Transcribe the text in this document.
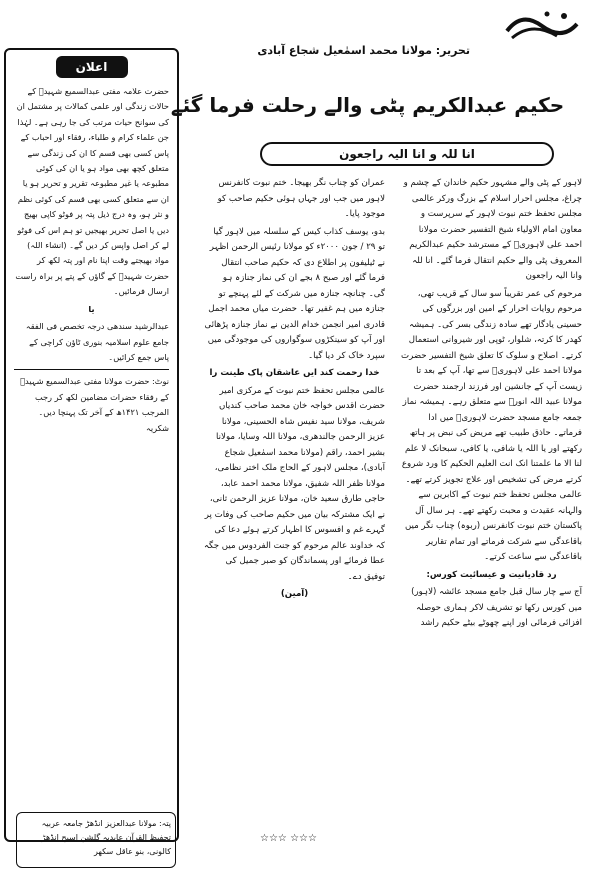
تحریر: مولانا محمد اسمٰعیل شجاع آبادی
حکیم عبدالکریم پٹی والے رحلت فرما گئے
انا للہ و انا الیہ راجعون

لاہور کے پٹی والے مشہور حکیم خاندان کے چشم و چراغ، مجلس احرار اسلام کے بزرگ ورکر عالمی مجلس تحفظ ختم نبوت لاہور کے سرپرست و معاون امام الاولیاء شیخ التفسیر حضرت مولانا احمد علی لاہوریؒ کے مسترشد حکیم عبدالکریم المعروف پٹی والے حکیم انتقال فرما گئے۔ انا للہ وانا الیہ راجعون

مرحوم کی عمر تقریباً سو سال کے قریب تھی، مرحوم روایات احرار کے امین اور بزرگوں کی حسینی یادگار تھے سادہ زندگی بسر کی۔ ہمیشہ کھدر کا کرتہ، شلوار، ٹوپی اور شیروانی استعمال کرتے۔ اصلاح و سلوک کا تعلق شیخ التفسیر حضرت مولانا احمد علی لاہوریؒ سے تھا، آپ کے بعد تا زیست آپ کے جانشین اور فرزند ارجمند حضرت مولانا عبید اللہ انورؒ سے متعلق رہے۔ ہمیشہ نماز جمعہ جامع مسجد حضرت لاہوریؒ میں ادا فرماتے۔ حاذق طبیب تھے مریض کی نبض پر ہاتھ رکھتے اور یا اللہ یا شافی، یا کافی، سبحانک لا علم لنا الا ما علمتنا انک انت العلیم الحکیم کا ورد شروع کرتے مرض کی تشخیص اور علاج تجویز کرتے تھے۔ عالمی مجلس تحفظ ختم نبوت کے اکابرین سے والہانہ عقیدت و محبت رکھتے تھے۔ ہر سال آل پاکستان ختم نبوت کانفرنس (ربوہ) چناب نگر میں باقاعدگی سے شرکت فرماتے اور تمام تقاریر باقاعدگی سے ساعت کرتے۔

رد قادیانیت و عیسائیت کورس:

آج سے چار سال قبل جامع مسجد عائشہ (لاہور) میں کورس رکھا تو تشریف لاکر ہماری حوصلہ افزائی فرمائی اور اپنے چھوٹے بیٹے حکیم راشد

عمران کو چناب نگر بھیجا۔ ختم نبوت کانفرنس لاہور میں جب اور جہاں ہوئی حکیم صاحب کو موجود پایا۔

بدو، یوسف کذاب کیس کے سلسلہ میں لاہور گیا تو ۲۹ / جون ۲۰۰۰ء کو مولانا رئیس الرحمن اظہر نے ٹیلیفون پر اطلاع دی کہ حکیم صاحب انتقال فرما گئے اور صبح ۸ بجے ان کی نماز جنازہ ہو گی۔ چنانچہ جنازہ میں شرکت کے لئے پہنچے تو جنازہ میں ہم غفیر تھا۔ حضرت میاں محمد اجمل قادری امیر انجمن خدام الدین نے نماز جنازہ پڑھائی اور آپ کو سینکڑوں سوگواروں کی موجودگی میں سپرد خاک کر دیا گیا۔

خدا رحمت کند ایں عاشقان پاک طینت را

عالمی مجلس تحفظ ختم نبوت کے مرکزی امیر حضرت اقدس خواجہ خان محمد صاحب کندیاں شریف، مولانا سید نفیس شاہ الحسینی، مولانا عزیز الرحمن جالندھری، مولانا اللہ وسایا، مولانا بشیر احمد، راقم (مولانا محمد اسمٰعیل شجاع آبادی)، مجلس لاہور کے الحاج ملک اختر نظامی، مولانا ظفر اللہ شفیق، مولانا محمد احمد عابد، حاجی طارق سعید خان، مولانا عزیز الرحمن ثانی، نے ایک مشترکہ بیان میں حکیم صاحب کی وفات پر گہرے غم و افسوس کا اظہار کرتے ہوئے دعا کی کہ خداوند عالم مرحوم کو جنت الفردوس میں جگہ عطا فرمائے اور پسماندگان کو صبر جمیل کی توفیق دے۔

(آمین)

☆☆☆ ☆☆☆
اعلان

حضرت علامہ مفتی عبدالسمیع شہیدؒ کے حالات زندگی اور علمی کمالات پر مشتمل ان کی سوانح حیات مرتب کی جا رہی ہے۔ لہٰذا جن علماء کرام و طلباء، رفقاء اور احباب کے پاس کسی بھی قسم کا ان کی زندگی سے متعلق کچھ بھی مواد ہو یا ان کی کوئی مطبوعہ یا غیر مطبوعہ تقریر و تحریر ہو یا ان سے متعلق کسی بھی قسم کی کوئی نظم و نثر ہو، وہ درج ذیل پتہ پر فوٹو کاپی بھیج دیں یا اصل تحریر بھیجیں تو ہم اس کی فوٹو لے کر اصل واپس کر دیں گے۔ (انشاء اللہ) مواد بھیجتے وقت اپنا نام اور پتہ لکھ کر حضرت شہیدؒ کے گاؤں کے پتے پر براہ راست ارسال فرمائیں۔

یا

عبدالرشید سندھی درجہ تخصص فی الفقہ جامع علوم اسلامیہ بنوری ٹاؤن کراچی کے پاس جمع کرائیں۔

نوٹ: حضرت مولانا مفتی عبدالسمیع شہیدؒ کے رفقاء حضرات مضامین لکھ کر رجب المرجب ۱۴۲۱ھ کے آخر تک پہنچا دیں۔ شکریہ

پتہ: مولانا عبدالعزیز انڈھڑ جامعہ عربیہ تحفیظ القرآن عابدیہ گلشن اسیح انڈھڑ کالونی، بنو عاقل سکھر
